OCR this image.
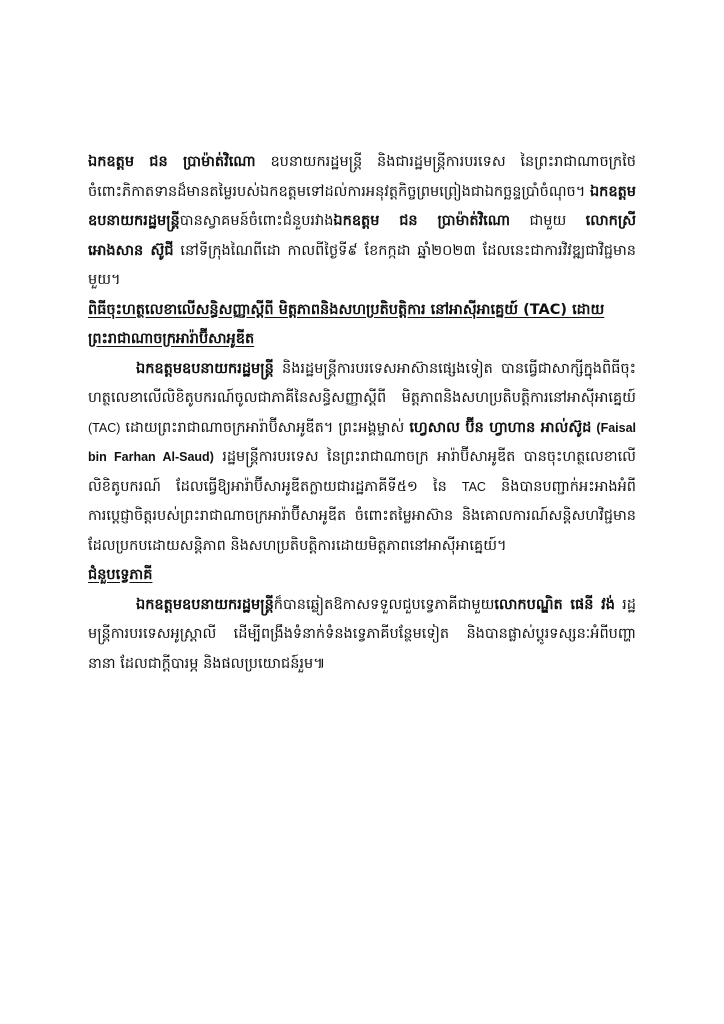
ឯកឧត្តម ជន ប្រាម៉ាត់វិណោ ឧបនាយករដ្ឋមន្ត្រី និងជារដ្ឋមន្ត្រីការបរទេស នៃព្រះរាជាណាចក្រថៃ ចំពោះភិកាតទានដ៏មានតម្លៃរបស់ឯកឧត្តមទៅដល់ការអនុវត្តកិច្ចព្រមព្រៀងជាឯកច្ឆន្ទប្រាំចំណុច។ ឯកឧត្តមឧបនាយករដ្ឋមន្ត្រីបានស្វាគមន៍ចំពោះជំនួបរវាងឯកឧត្តម ជន ប្រាម៉ាត់វិណោ ជាមួយ លោកស្រី អោងសាន ស៊ូជី នៅទីក្រុងណៃពីដោ កាលពីថ្ងៃទី៩ ខែកក្កដា ឆ្នាំ២០២៣ ដែលនេះជាការវិវឌ្ឍជាវិជ្ជមានមួយ។

ពិធីចុះហត្ថលេខាលើសន្ធិសញ្ញាស្តីពី មិត្តភាពនិងសហប្រតិបត្តិការ នៅអាស៊ីអាគ្នេយ៍ (TAC) ដោយព្រះរាជាណាចក្រអារ៉ាប៊ីសាអូឌីត

ឯកឧត្តមឧបនាយករដ្ឋមន្ត្រី និងរដ្ឋមន្ត្រីការបរទេសអាស៊ានផ្សេងទៀត បានធ្វើជាសាក្សីក្នុងពិធីចុះហត្ថលេខាលើលិខិតូបករណ៍ចូលជាភាគីនៃសន្ធិសញ្ញាស្តីពី មិត្តភាពនិងសហប្រតិបត្តិការនៅអាស៊ីអាគ្នេយ៍ (TAC) ដោយព្រះរាជាណាចក្រអារ៉ាប៊ីសាអូឌីត។ ព្រះអង្គម្ចាស់ ហ្វេសាល ប៊ីន ហ្វាហាន អាល់ស៊ូដ (Faisal bin Farhan Al-Saud) រដ្ឋមន្ត្រីការបរទេស នៃព្រះរាជាណាចក្រ អារ៉ាប៊ីសាអូឌីត បានចុះហត្ថលេខាលើលិខិតូបករណ៍ ដែលធ្វើឱ្យអារ៉ាប៊ីសាអូឌីតក្លាយជារដ្ឋភាគីទី៥១ នៃ TAC និងបានបញ្ជាក់អះអាងអំពីការប្តេជ្ញាចិត្តរបស់ព្រះរាជាណាចក្រអារ៉ាប៊ីសាអូឌីត ចំពោះតម្លៃអាស៊ាន និងគោលការណ៍សន្តិសហវិជ្ជមាន ដែលប្រកបដោយសន្តិភាព និងសហប្រតិបត្តិការដោយមិត្តភាពនៅអាស៊ីអាគ្នេយ៍។

ជំនួបទ្វេភាគី

ឯកឧត្តមឧបនាយករដ្ឋមន្ត្រីក៏បានឆ្លៀតឱកាសទទួលជួបទ្វេភាគីជាមួយលោកបណ្ឌិត ផេនី វង់ រដ្ឋមន្ត្រីការបរទេសអូស្ត្រាលី ដើម្បីពង្រឹងទំនាក់ទំនងទ្វេភាគីបន្ថែមទៀត និងបានផ្លាស់ប្តូរទស្សនៈអំពីបញ្ហានានា ដែលជាក្តីបារម្ភ និងផលប្រយោជន៍រួម៕
